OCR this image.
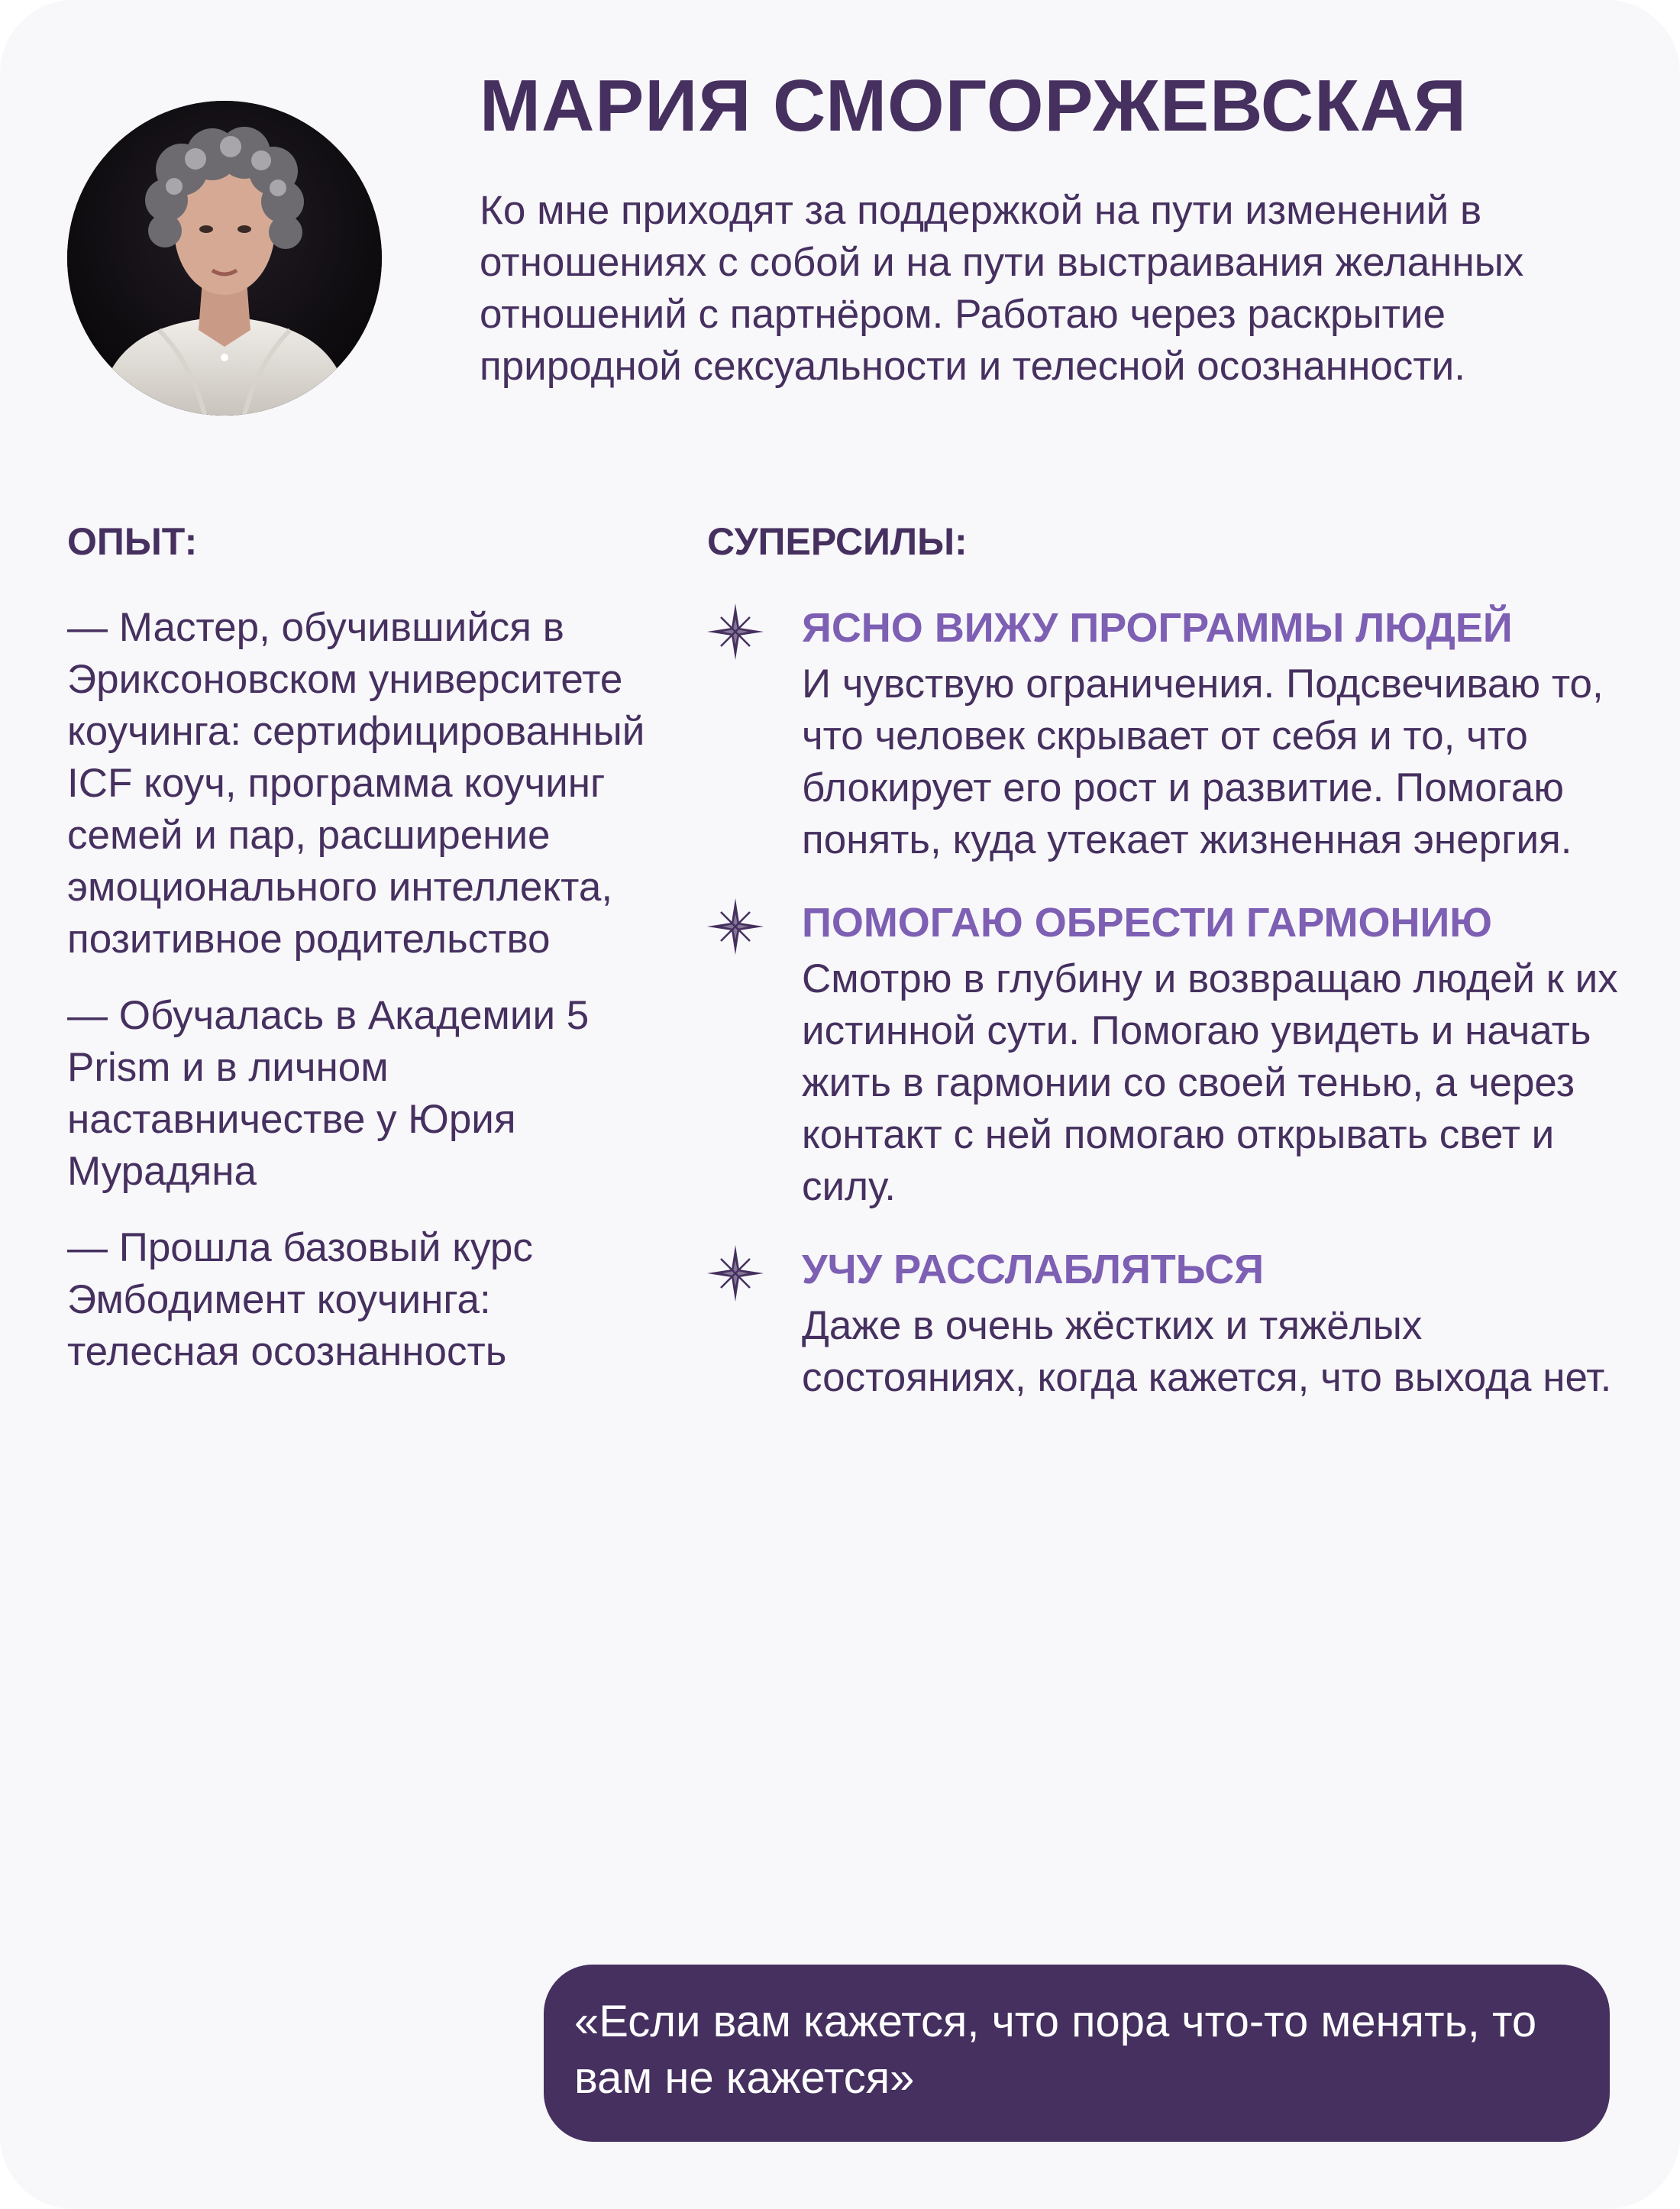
МАРИЯ СМОГОРЖЕВСКАЯ

Ко мне приходят за поддержкой на пути изменений в отношениях с собой и на пути выстраивания желанных отношений с партнёром. Работаю через раскрытие природной сексуальности и телесной осознанности.

ОПЫТ:
— Мастер, обучившийся в Эриксоновском университете коучинга: сертифицированный ICF коуч, программа коучинг семей и пар, расширение эмоционального интеллекта, позитивное родительство
— Обучалась в Академии 5 Prism и в личном наставничестве у Юрия Мурадяна
— Прошла базовый курс Эмбодимент коучинга: телесная осознанность
СУПЕРСИЛЫ:
ЯСНО ВИЖУ ПРОГРАММЫ ЛЮДЕЙ
И чувствую ограничения. Подсвечиваю то, что человек скрывает от себя и то, что блокирует его рост и развитие. Помогаю понять, куда утекает жизненная энергия.
ПОМОГАЮ ОБРЕСТИ ГАРМОНИЮ
Смотрю в глубину и возвращаю людей к их истинной сути. Помогаю увидеть и начать жить в гармонии со своей тенью, а через контакт с ней помогаю открывать свет и силу.
УЧУ РАССЛАБЛЯТЬСЯ
Даже в очень жёстких и тяжёлых состояниях, когда кажется, что выхода нет.

«Если вам кажется, что пора что-то менять, то вам не кажется»
